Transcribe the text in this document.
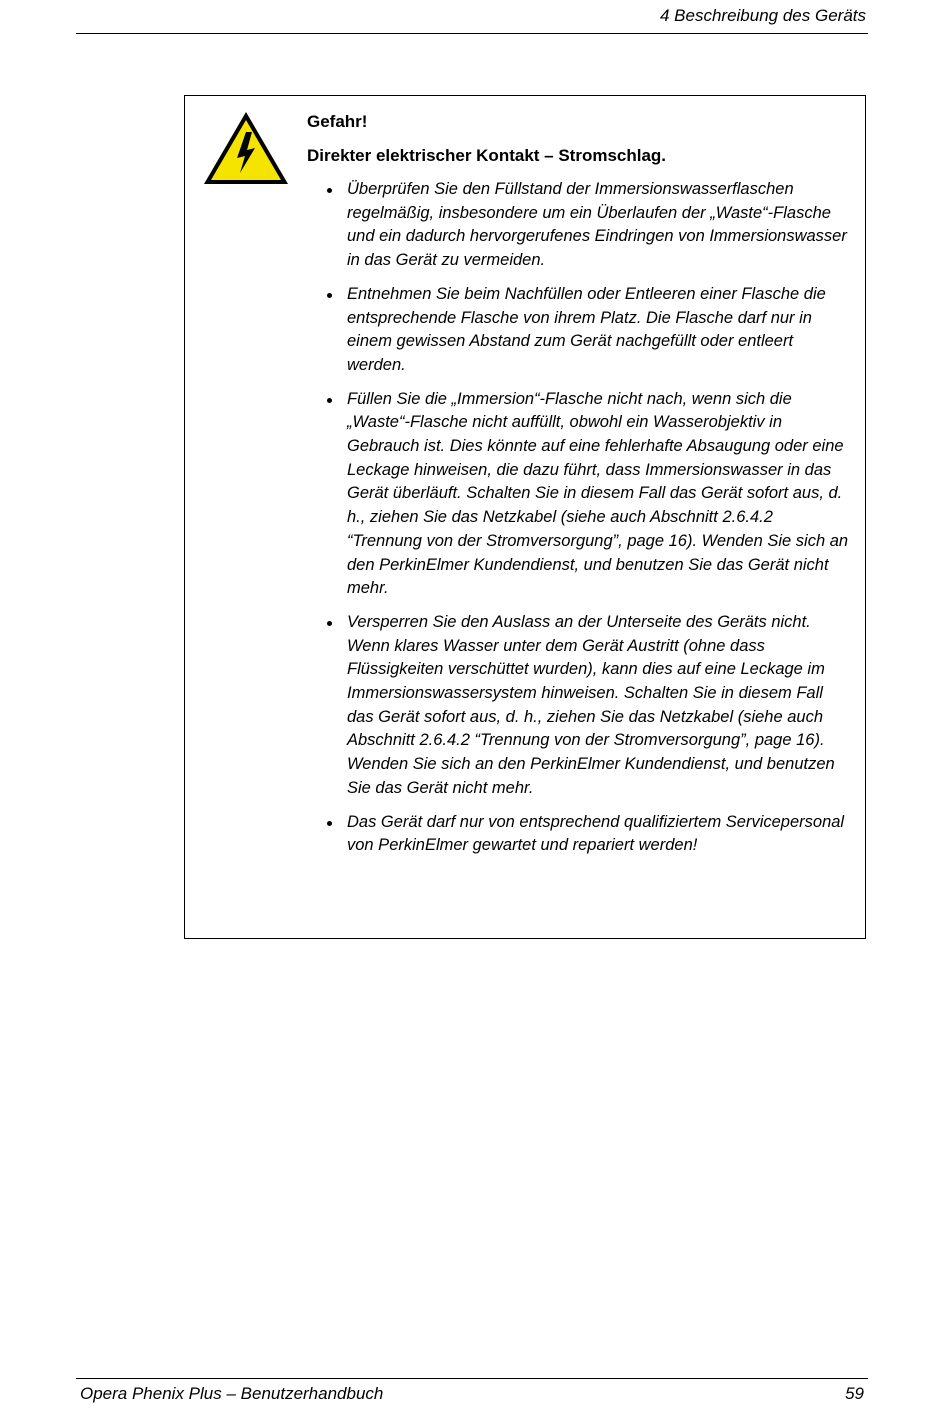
4 Beschreibung des Geräts
Gefahr!
Direkter elektrischer Kontakt – Stromschlag.
Überprüfen Sie den Füllstand der Immersionswasserflaschen regelmäßig, insbesondere um ein Überlaufen der „Waste“-Flasche und ein dadurch hervorgerufenes Eindringen von Immersionswasser in das Gerät zu vermeiden.
Entnehmen Sie beim Nachfüllen oder Entleeren einer Flasche die entsprechende Flasche von ihrem Platz. Die Flasche darf nur in einem gewissen Abstand zum Gerät nachgefüllt oder entleert werden.
Füllen Sie die „Immersion“-Flasche nicht nach, wenn sich die „Waste“-Flasche nicht auffüllt, obwohl ein Wasserobjektiv in Gebrauch ist. Dies könnte auf eine fehlerhafte Absaugung oder eine Leckage hinweisen, die dazu führt, dass Immersionswasser in das Gerät überläuft. Schalten Sie in diesem Fall das Gerät sofort aus, d. h., ziehen Sie das Netzkabel (siehe auch Abschnitt 2.6.4.2 “Trennung von der Stromversorgung”, page 16). Wenden Sie sich an den PerkinElmer Kundendienst, und benutzen Sie das Gerät nicht mehr.
Versperren Sie den Auslass an der Unterseite des Geräts nicht. Wenn klares Wasser unter dem Gerät Austritt (ohne dass Flüssigkeiten verschüttet wurden), kann dies auf eine Leckage im Immersionswassersystem hinweisen. Schalten Sie in diesem Fall das Gerät sofort aus, d. h., ziehen Sie das Netzkabel (siehe auch Abschnitt 2.6.4.2 “Trennung von der Stromversorgung”, page 16). Wenden Sie sich an den PerkinElmer Kundendienst, und benutzen Sie das Gerät nicht mehr.
Das Gerät darf nur von entsprechend qualifiziertem Servicepersonal von PerkinElmer gewartet und repariert werden!
Opera Phenix Plus – Benutzerhandbuch	59
